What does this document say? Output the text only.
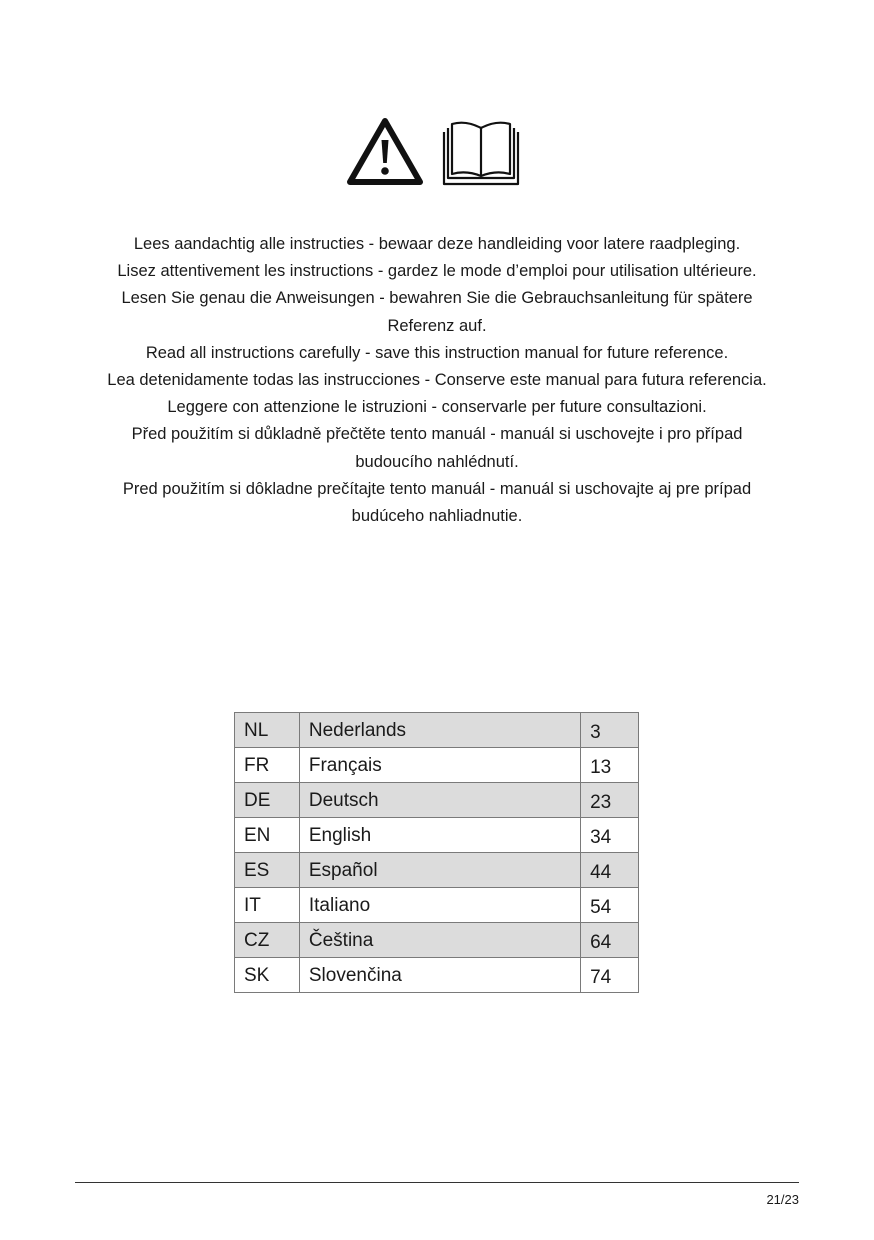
Lees aandachtig alle instructies - bewaar deze handleiding voor latere raadpleging.

Lisez attentivement les instructions - gardez le mode d’emploi pour utilisation ultérieure.

Lesen Sie genau die Anweisungen - bewahren Sie die Gebrauchsanleitung für spätere

Referenz auf.

Read all instructions carefully - save this instruction manual for future reference.

Lea detenidamente todas las instrucciones - Conserve este manual para futura referencia.

Leggere con attenzione le istruzioni - conservarle per future consultazioni.

Před použitím si důkladně přečtěte tento manuál - manuál si uschovejte i pro případ

budoucího nahlédnutí.

Pred použitím si dôkladne prečítajte tento manuál - manuál si uschovajte aj pre prípad

budúceho nahliadnutie.

NL	Nederlands	3
FR	Français	13
DE	Deutsch	23
EN	English	34
ES	Español	44
IT	Italiano	54
CZ	Čeština	64
SK	Slovenčina	74
21/23
